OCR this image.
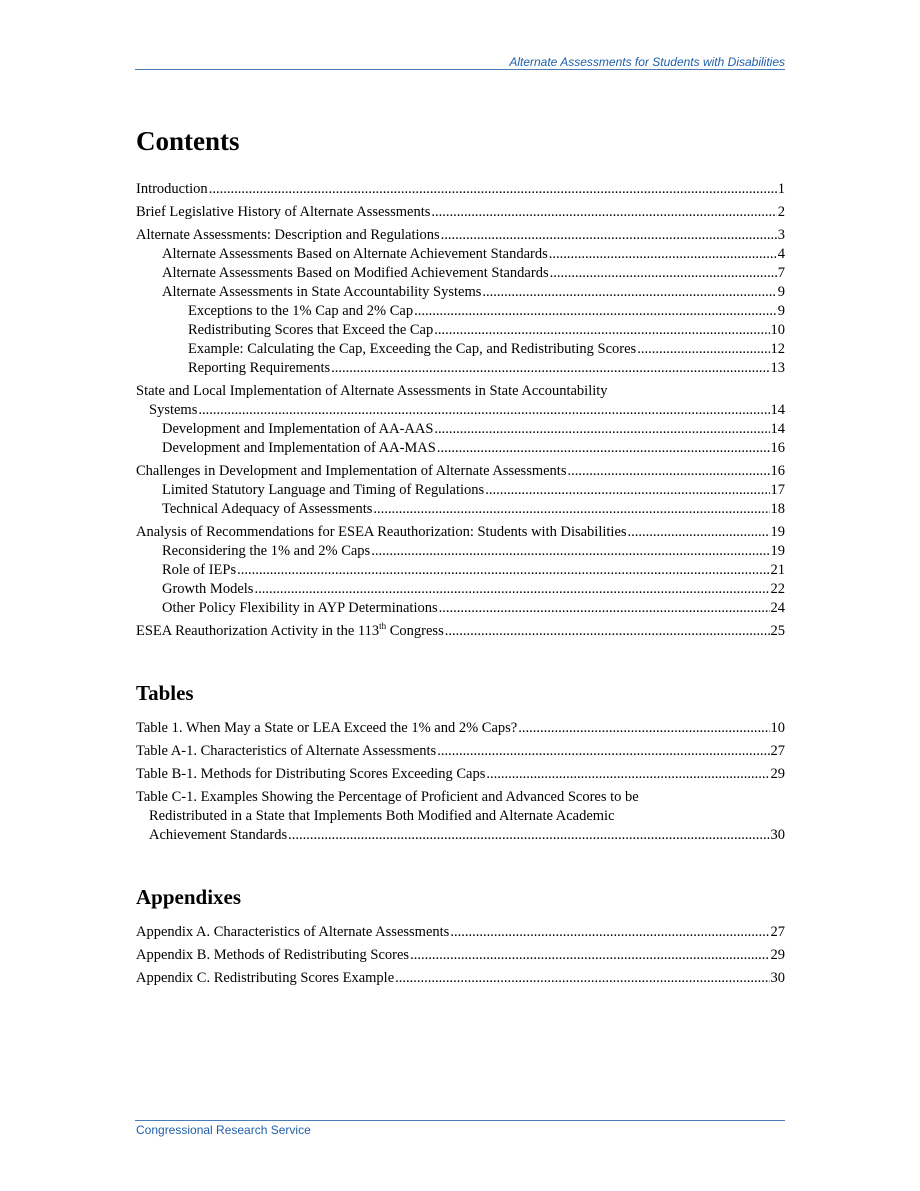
Alternate Assessments for Students with Disabilities
Contents
Introduction .....	1
Brief Legislative History of Alternate Assessments .....	2
Alternate Assessments: Description and Regulations .....	3
Alternate Assessments Based on Alternate Achievement Standards .....	4
Alternate Assessments Based on Modified Achievement Standards .....	7
Alternate Assessments in State Accountability Systems .....	9
Exceptions to the 1% Cap and 2% Cap .....	9
Redistributing Scores that Exceed the Cap .....	10
Example: Calculating the Cap, Exceeding the Cap, and Redistributing Scores .....	12
Reporting Requirements .....	13
State and Local Implementation of Alternate Assessments in State Accountability
Systems .....	14
Development and Implementation of AA-AAS .....	14
Development and Implementation of AA-MAS .....	16
Challenges in Development and Implementation of Alternate Assessments .....	16
Limited Statutory Language and Timing of Regulations .....	17
Technical Adequacy of Assessments .....	18
Analysis of Recommendations for ESEA Reauthorization: Students with Disabilities .....	19
Reconsidering the 1% and 2% Caps .....	19
Role of IEPs .....	21
Growth Models .....	22
Other Policy Flexibility in AYP Determinations .....	24
ESEA Reauthorization Activity in the 113th Congress .....	25
Tables
Table 1. When May a State or LEA Exceed the 1% and 2% Caps? .....	10
Table A-1. Characteristics of Alternate Assessments .....	27
Table B-1. Methods for Distributing Scores Exceeding Caps .....	29
Table C-1. Examples Showing the Percentage of Proficient and Advanced Scores to be
Redistributed in a State that Implements Both Modified and Alternate Academic
Achievement Standards .....	30
Appendixes
Appendix A. Characteristics of Alternate Assessments .....	27
Appendix B. Methods of Redistributing Scores .....	29
Appendix C. Redistributing Scores Example .....	30
Congressional Research Service
